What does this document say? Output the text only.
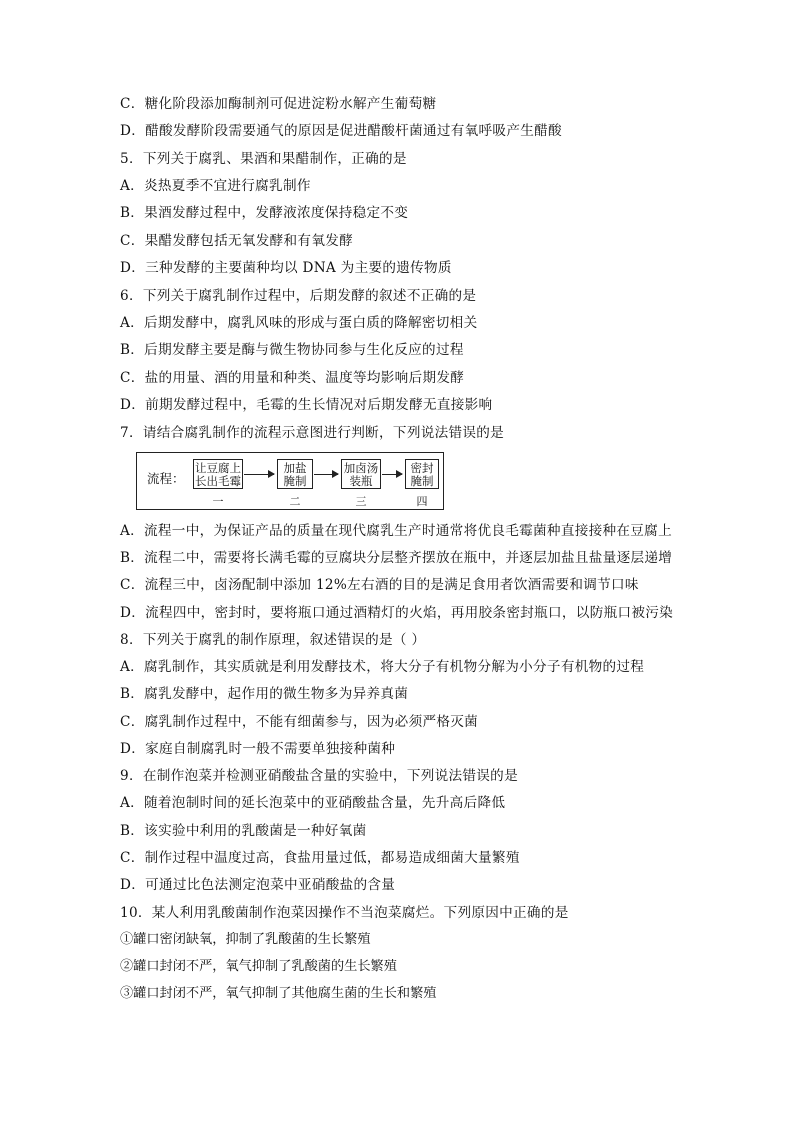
C．糖化阶段添加酶制剂可促进淀粉水解产生葡萄糖
D．醋酸发酵阶段需要通气的原因是促进醋酸杆菌通过有氧呼吸产生醋酸
5．下列关于腐乳、果酒和果醋制作，正确的是
A．炎热夏季不宜进行腐乳制作
B．果酒发酵过程中，发酵液浓度保持稳定不变
C．果醋发酵包括无氧发酵和有氧发酵
D．三种发酵的主要菌种均以 DNA 为主要的遗传物质
6．下列关于腐乳制作过程中，后期发酵的叙述不正确的是
A．后期发酵中，腐乳风味的形成与蛋白质的降解密切相关
B．后期发酵主要是酶与微生物协同参与生化反应的过程
C．盐的用量、酒的用量和种类、温度等均影响后期发酵
D．前期发酵过程中，毛霉的生长情况对后期发酵无直接影响
7．请结合腐乳制作的流程示意图进行判断，下列说法错误的是
流程：
让豆腐上
长出毛霉
加盐
腌制
加卤汤
装瓶
密封
腌制
一	二	三	四
A．流程一中，为保证产品的质量在现代腐乳生产时通常将优良毛霉菌种直接接种在豆腐上
B．流程二中，需要将长满毛霉的豆腐块分层整齐摆放在瓶中，并逐层加盐且盐量逐层递增
C．流程三中，卤汤配制中添加 12%左右酒的目的是满足食用者饮酒需要和调节口味
D．流程四中，密封时，要将瓶口通过酒精灯的火焰，再用胶条密封瓶口，以防瓶口被污染
8．下列关于腐乳的制作原理，叙述错误的是（ ）
A．腐乳制作，其实质就是利用发酵技术，将大分子有机物分解为小分子有机物的过程
B．腐乳发酵中，起作用的微生物多为异养真菌
C．腐乳制作过程中，不能有细菌参与，因为必须严格灭菌
D．家庭自制腐乳时一般不需要单独接种菌种
9．在制作泡菜并检测亚硝酸盐含量的实验中，下列说法错误的是
A．随着泡制时间的延长泡菜中的亚硝酸盐含量，先升高后降低
B．该实验中利用的乳酸菌是一种好氧菌
C．制作过程中温度过高，食盐用量过低，都易造成细菌大量繁殖
D．可通过比色法测定泡菜中亚硝酸盐的含量
10．某人利用乳酸菌制作泡菜因操作不当泡菜腐烂。下列原因中正确的是
①罐口密闭缺氧，抑制了乳酸菌的生长繁殖
②罐口封闭不严，氧气抑制了乳酸菌的生长繁殖
③罐口封闭不严，氧气抑制了其他腐生菌的生长和繁殖
